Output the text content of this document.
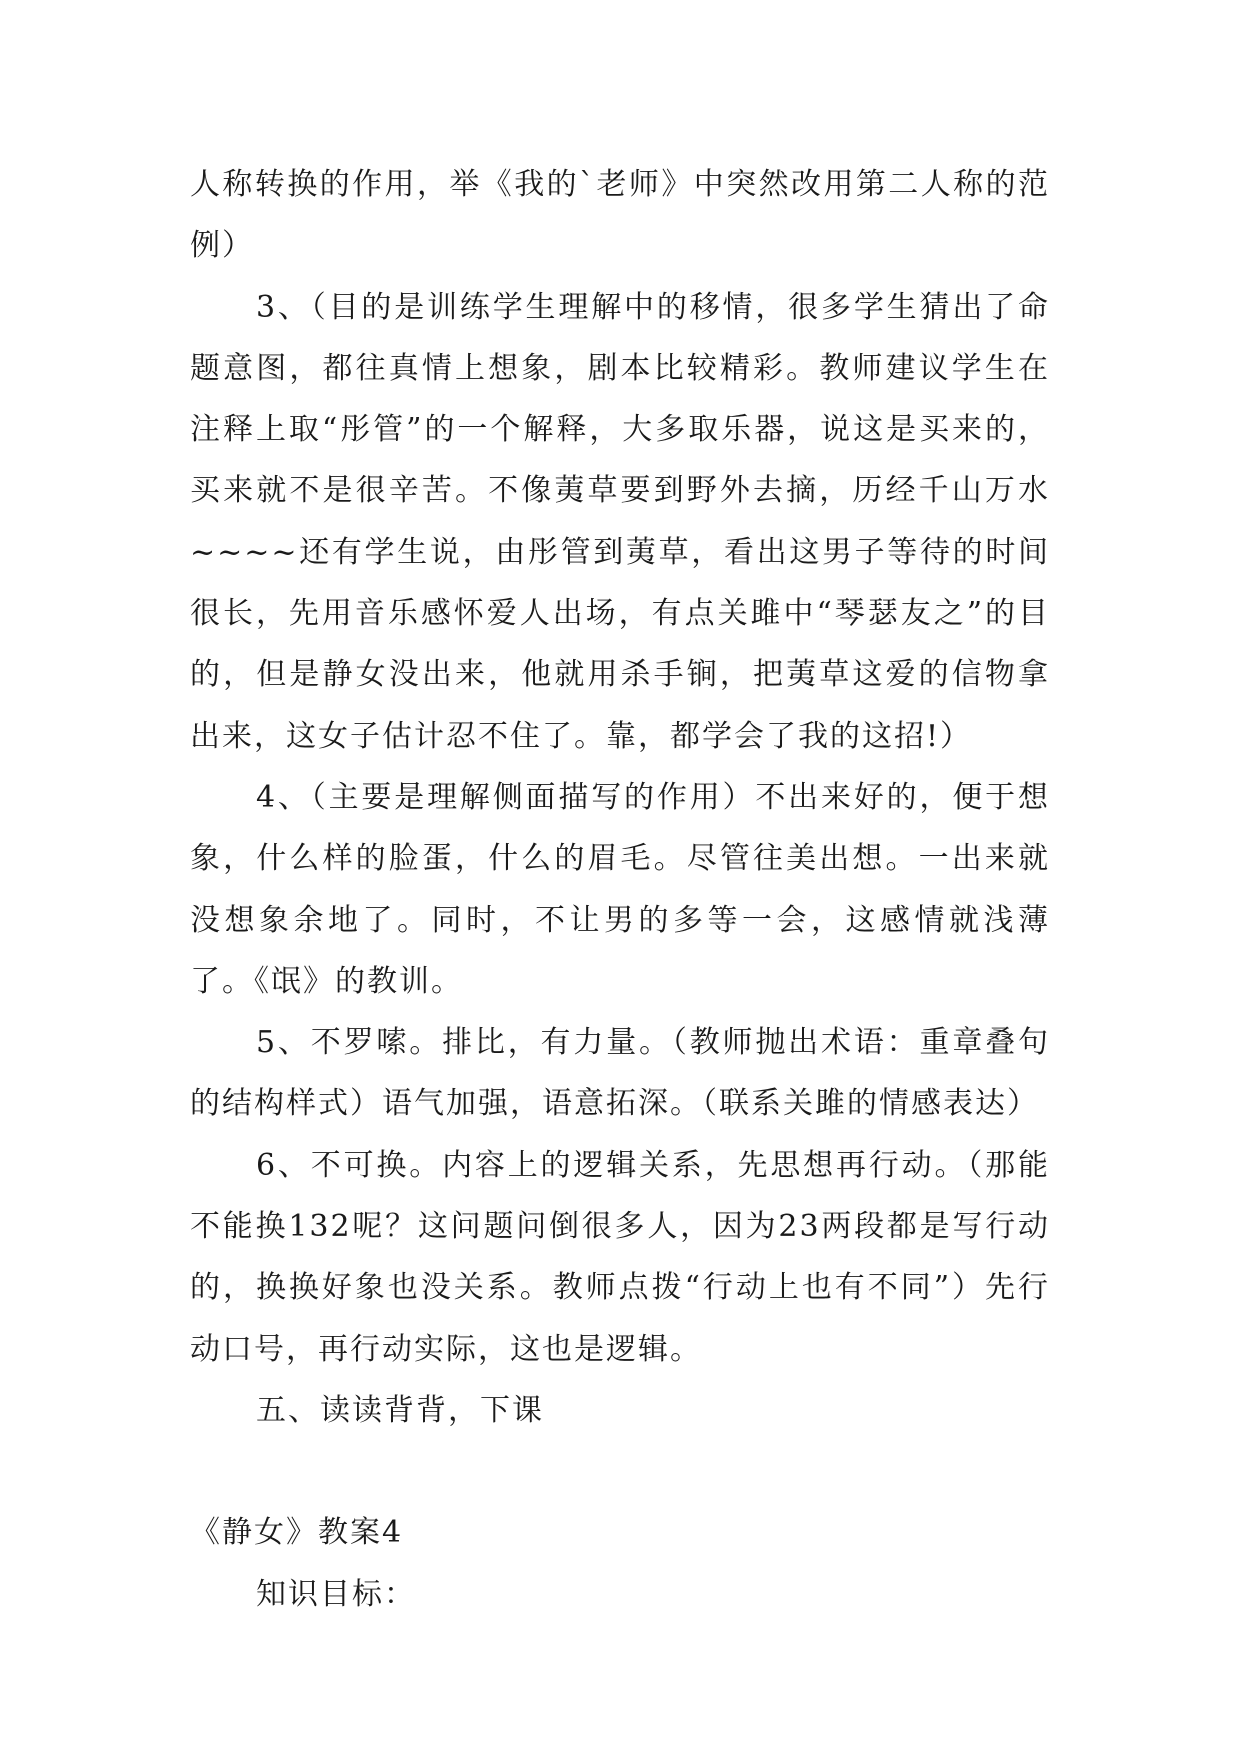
人称转换的作用，举《我的`老师》中突然改用第二人称的范例）

3、（目的是训练学生理解中的移情，很多学生猜出了命题意图，都往真情上想象，剧本比较精彩。教师建议学生在注释上取“彤管”的一个解释，大多取乐器，说这是买来的，买来就不是很辛苦。不像荑草要到野外去摘，历经千山万水~~~~还有学生说，由彤管到荑草，看出这男子等待的时间很长，先用音乐感怀爱人出场，有点关雎中“琴瑟友之”的目的，但是静女没出来，他就用杀手锏，把荑草这爱的信物拿出来，这女子估计忍不住了。靠，都学会了我的这招!）

4、（主要是理解侧面描写的作用）不出来好的，便于想象，什么样的脸蛋，什么的眉毛。尽管往美出想。一出来就没想象余地了。同时，不让男的多等一会，这感情就浅薄了。《氓》的教训。

5、不罗嗦。排比，有力量。（教师抛出术语：重章叠句的结构样式）语气加强，语意拓深。（联系关雎的情感表达）

6、不可换。内容上的逻辑关系，先思想再行动。（那能不能换132呢？这问题问倒很多人，因为23两段都是写行动的，换换好象也没关系。教师点拨“行动上也有不同”）先行动口号，再行动实际，这也是逻辑。

五、读读背背，下课

《静女》教案4

知识目标：
